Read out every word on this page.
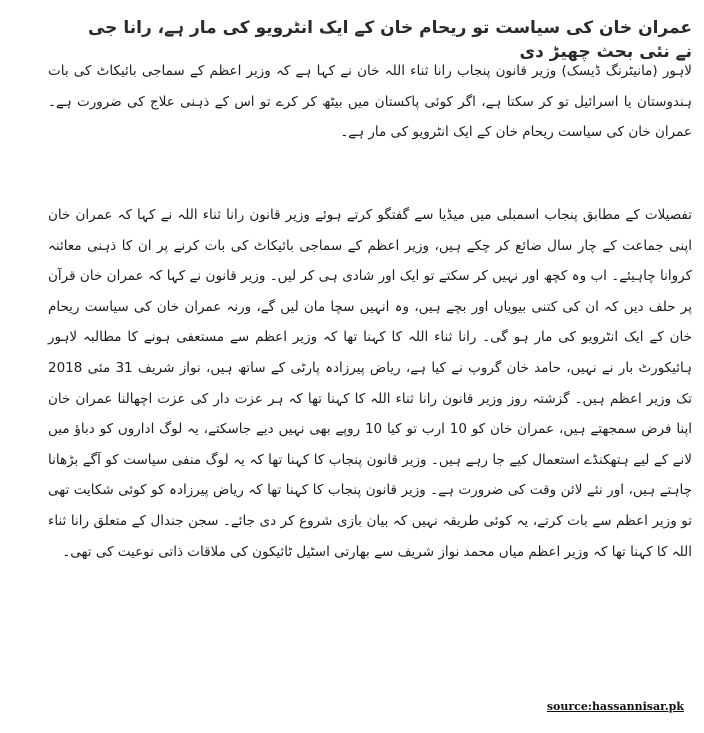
عمران خان کی سیاست تو ریحام خان کے ایک انٹرویو کی مار ہے، رانا جی نے نئی بحث چھیڑ دی
لاہور (مانیٹرنگ ڈیسک) وزیر قانون پنجاب رانا ثناء اللہ خان نے کہا ہے کہ وزیر اعظم کے سماجی بائیکاٹ کی بات ہندوستان یا اسرائیل تو کر سکتا ہے، اگر کوئی پاکستان میں بیٹھ کر کرے تو اس کے ذہنی علاج کی ضرورت ہے۔ عمران خان کی سیاست ریحام خان کے ایک انٹرویو کی مار ہے۔
تفصیلات کے مطابق پنجاب اسمبلی میں میڈیا سے گفتگو کرتے ہوئے وزیر قانون رانا ثناء اللہ نے کہا کہ عمران خان اپنی جماعت کے چار سال ضائع کر چکے ہیں، وزیر اعظم کے سماجی بائیکاٹ کی بات کرنے پر ان کا ذہنی معائنہ کروانا چاہیئے۔ اب وہ کچھ اور نہیں کر سکتے تو ایک اور شادی ہی کر لیں۔ وزیر قانون نے کہا کہ عمران خان قرآن پر حلف دیں کہ ان کی کتنی بیویاں اور بچے ہیں، وہ انہیں سچا مان لیں گے، ورنہ عمران خان کی سیاست ریحام خان کے ایک انٹرویو کی مار ہو گی۔ رانا ثناء اللہ کا کہنا تھا کہ وزیر اعظم سے مستعفی ہونے کا مطالبہ لاہور ہائیکورٹ بار نے نہیں، حامد خان گروپ نے کیا ہے، ریاض پیرزادہ پارٹی کے ساتھ ہیں، نواز شریف 31 مئی 2018 تک وزیر اعظم ہیں۔ گزشتہ روز وزیر قانون رانا ثناء اللہ کا کہنا تھا کہ ہر عزت دار کی عزت اچھالنا عمران خان اپنا فرض سمجھتے ہیں، عمران خان کو 10 ارب تو کیا 10 روپے بھی نہیں دیے جاسکتے، یہ لوگ اداروں کو دباؤ میں لانے کے لیے ہتھکنڈے استعمال کیے جا رہے ہیں۔ وزیر قانون پنجاب کا کہنا تھا کہ یہ لوگ منفی سیاست کو آگے بڑھانا چاہتے ہیں، اور نئے لائن وقت کی ضرورت ہے۔ وزیر قانون پنجاب کا کہنا تھا کہ ریاض پیرزادہ کو کوئی شکایت تھی تو وزیر اعظم سے بات کرتے، یہ کوئی طریقہ نہیں کہ بیان بازی شروع کر دی جائے۔ سجن جندال کے متعلق رانا ثناء اللہ کا کہنا تھا کہ وزیر اعظم میاں محمد نواز شریف سے بھارتی اسٹیل ٹائیکون کی ملاقات ذاتی نوعیت کی تھی۔
source:hassannisar.pk
